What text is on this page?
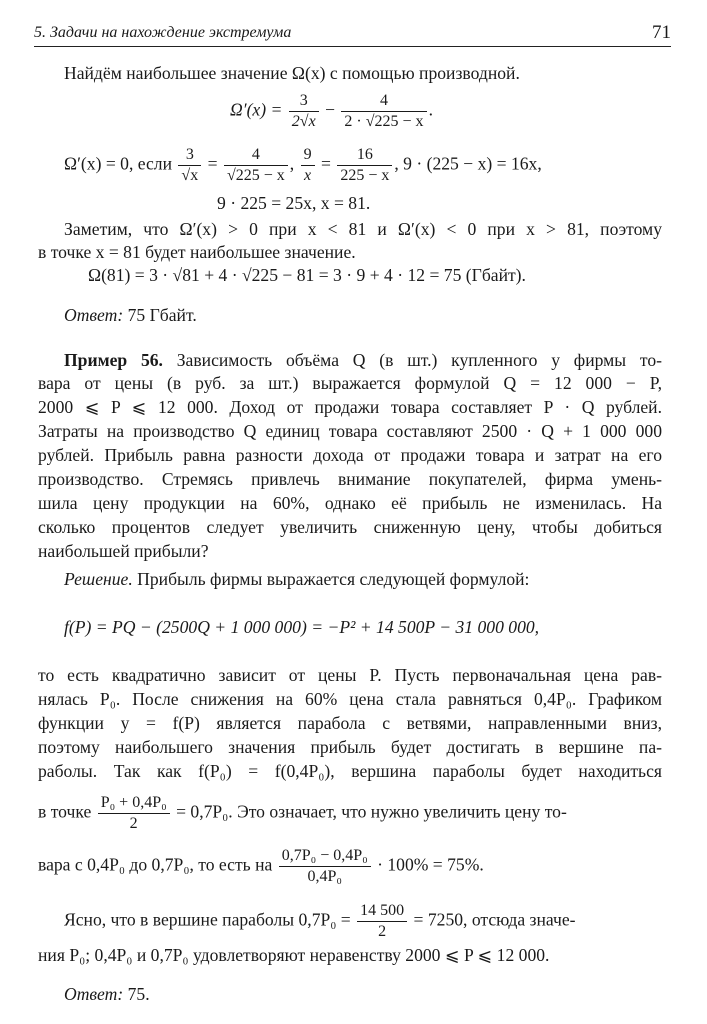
5. Задачи на нахождение экстремума	71
Найдём наибольшее значение Ω(x) с помощью производной.
$\Omega'(x) = \frac{3}{2√x} - \frac{4}{2 \cdot √225 - x}$ .
Ω′(x) = 0, если $\frac{3}{√x} = \frac{4}{√225 - x}$ , $\frac{9}{x} = \frac{16}{225 - x}$ , 9 · (225 − x) = 16x,
9 · 225 = 25x, x = 81.
Заметим, что Ω′(x) > 0 при x < 81 и Ω′(x) < 0 при x > 81, поэтому
в точке x = 81 будет наибольшее значение.
Ω(81) = 3 · √81 + 4 · √225 − 81 = 3 · 9 + 4 · 12 = 75 (Гбайт).
Ответ: 75 Гбайт.
Пример 56. Зависимость объёма Q (в шт.) купленного у фирмы то-
вара от цены (в руб. за шт.) выражается формулой Q = 12 000 − P,
2000 ⩽ P ⩽ 12 000. Доход от продажи товара составляет P · Q рублей.
Затраты на производство Q единиц товара составляют 2500 · Q + 1 000 000
рублей. Прибыль равна разности дохода от продажи товара и затрат на его
производство. Стремясь привлечь внимание покупателей, фирма умень-
шила цену продукции на 60%, однако её прибыль не изменилась. На
сколько процентов следует увеличить сниженную цену, чтобы добиться
наибольшей прибыли?
Решение. Прибыль фирмы выражается следующей формулой:
f(P) = PQ − (2500Q + 1 000 000) = −P² + 14 500P − 31 000 000,
то есть квадратично зависит от цены P. Пусть первоначальная цена рав-
нялась P₀. После снижения на 60% цена стала равняться 0,4P₀. Графиком
функции y = f(P) является парабола с ветвями, направленными вниз,
поэтому наибольшего значения прибыль будет достигать в вершине па-
раболы. Так как f(P₀) = f(0,4P₀), вершина параболы будет находиться
в точке $\frac{\text{P₀ + 0,4P₀}}{2} = 0,7P_0$. Это означает, что нужно увеличить цену то-
вара с 0,4P₀ до 0,7P₀, то есть на $\frac{\text{0,7P₀ − 0,4P₀}}{\text{0,4P₀}} \cdot 100\% = 75\%$.
Ясно, что в вершине параболы $0,7P_0 = \frac{14 500}{2} = 7250$, отсюда значе-
ния P₀; 0,4P₀ и 0,7P₀ удовлетворяют неравенству 2000 ⩽ P ⩽ 12 000.
Ответ: 75.
